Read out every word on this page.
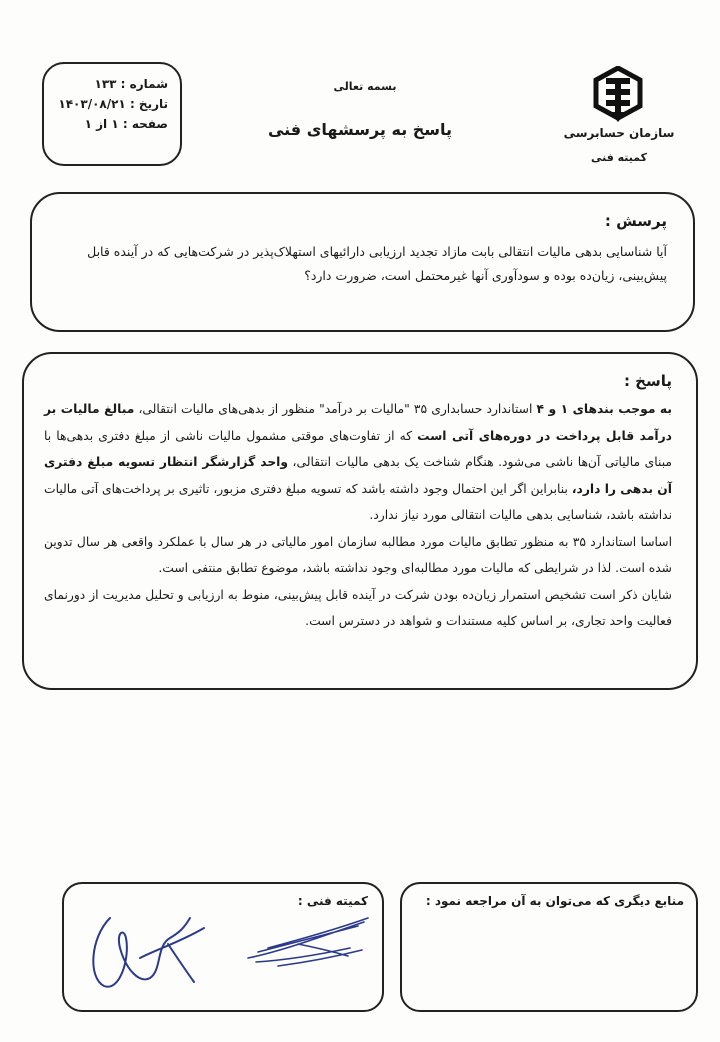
شماره : ۱۳۳
تاریخ : ۱۴۰۳/۰۸/۲۱
صفحه : ۱ از ۱
بسمه تعالی
پاسخ به پرسشهای فنی	سازمان حسابرسی
کمیته فنی
پرسش :
آیا شناسایی بدهی مالیات انتقالی بابت مازاد تجدید ارزیابی دارائیهای استهلاک‌پذیر در شرکت‌هایی که در آینده قابل پیش‌بینی، زیان‌ده بوده و سودآوری آنها غیرمحتمل است، ضرورت دارد؟
پاسخ :

به موجب بندهای ۱ و ۴ استاندارد حسابداری ۳۵ "مالیات بر درآمد" منظور از بدهی‌های مالیات انتقالی، مبالغ مالیات بر درآمد قابل پرداخت در دوره‌های آتی است که از تفاوت‌های موقتی مشمول مالیات ناشی از مبلغ دفتری بدهی‌ها با مبنای مالیاتی آن‌ها ناشی می‌شود. هنگام شناخت یک بدهی مالیات انتقالی، واحد گزارشگر انتظار تسویه مبلغ دفتری آن بدهی را دارد، بنابراین اگر این احتمال وجود داشته باشد که تسویه مبلغ دفتری مزبور، تاثیری بر پرداخت‌های آتی مالیات نداشته باشد، شناسایی بدهی مالیات انتقالی مورد نیاز ندارد.

اساسا استاندارد ۳۵ به منظور تطابق مالیات مورد مطالبه سازمان امور مالیاتی در هر سال با عملکرد واقعی هر سال تدوین شده است. لذا در شرایطی که مالیات مورد مطالبه‌ای وجود نداشته باشد، موضوع تطابق منتفی است.

شایان ذکر است تشخیص استمرار زیان‌ده بودن شرکت در آینده قابل پیش‌بینی، منوط به ارزیابی و تحلیل مدیریت از دورنمای فعالیت واحد تجاری، بر اساس کلیه مستندات و شواهد در دسترس است.

منابع دیگری که می‌توان به آن مراجعه نمود :
کمیته فنی :
